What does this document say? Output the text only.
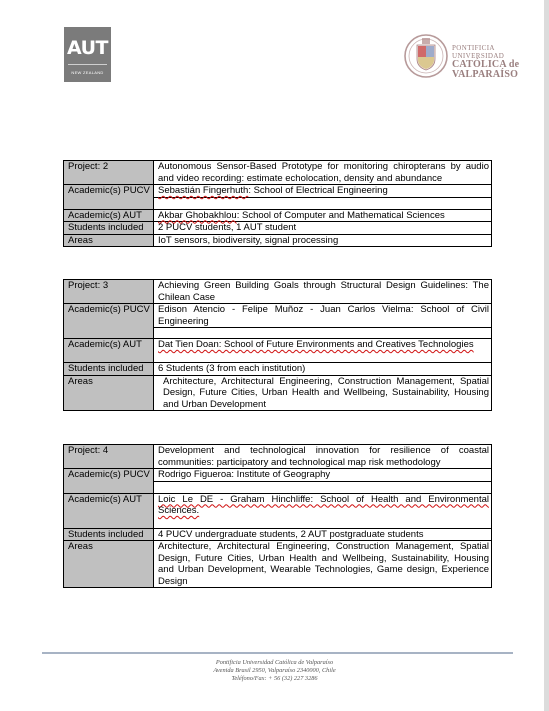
AUT
NEW ZEALAND
PONTIFICIA
UNIVERSIDAD
CATÓLICA de
VALPARAÍSO
Project: 2	Autonomous Sensor-Based Prototype for monitoring chiropterans by audio and video recording: estimate echolocation, density and abundance
Academic(s) PUCV	Sebastián Fingerhuth: School of Electrical Engineering

Academic(s) AUT	Akbar Ghobakhlou: School of Computer and Mathematical Sciences
Students included	2 PUCV students, 1 AUT student
Areas	IoT sensors, biodiversity, signal processing
Project: 3	Achieving Green Building Goals through Structural Design Guidelines: The Chilean Case
Academic(s) PUCV	Edison Atencio - Felipe Muñoz - Juan Carlos Vielma: School of Civil Engineering

Academic(s) AUT	Dat Tien Doan: School of Future Environments and Creatives Technologies
Students included	6 Students (3 from each institution)
Areas	Architecture, Architectural Engineering, Construction Management, Spatial Design, Future Cities, Urban Health and Wellbeing, Sustainability, Housing and Urban Development
Project: 4	Development and technological innovation for resilience of coastal communities: participatory and technological map risk methodology
Academic(s) PUCV	Rodrigo Figueroa: Institute of Geography

Academic(s) AUT	Loic Le DE - Graham Hinchliffe: School of Health and Environmental Sciences.
Students included	4 PUCV undergraduate students, 2 AUT postgraduate students
Areas	Architecture, Architectural Engineering, Construction Management, Spatial Design, Future Cities, Urban Health and Wellbeing, Sustainability, Housing and Urban Development, Wearable Technologies, Game design, Experience Design
Pontificia Universidad Católica de Valparaíso
Avenida Brasil 2950, Valparaíso 2340000, Chile
Teléfono/Fax: + 56 (32) 227 3286
